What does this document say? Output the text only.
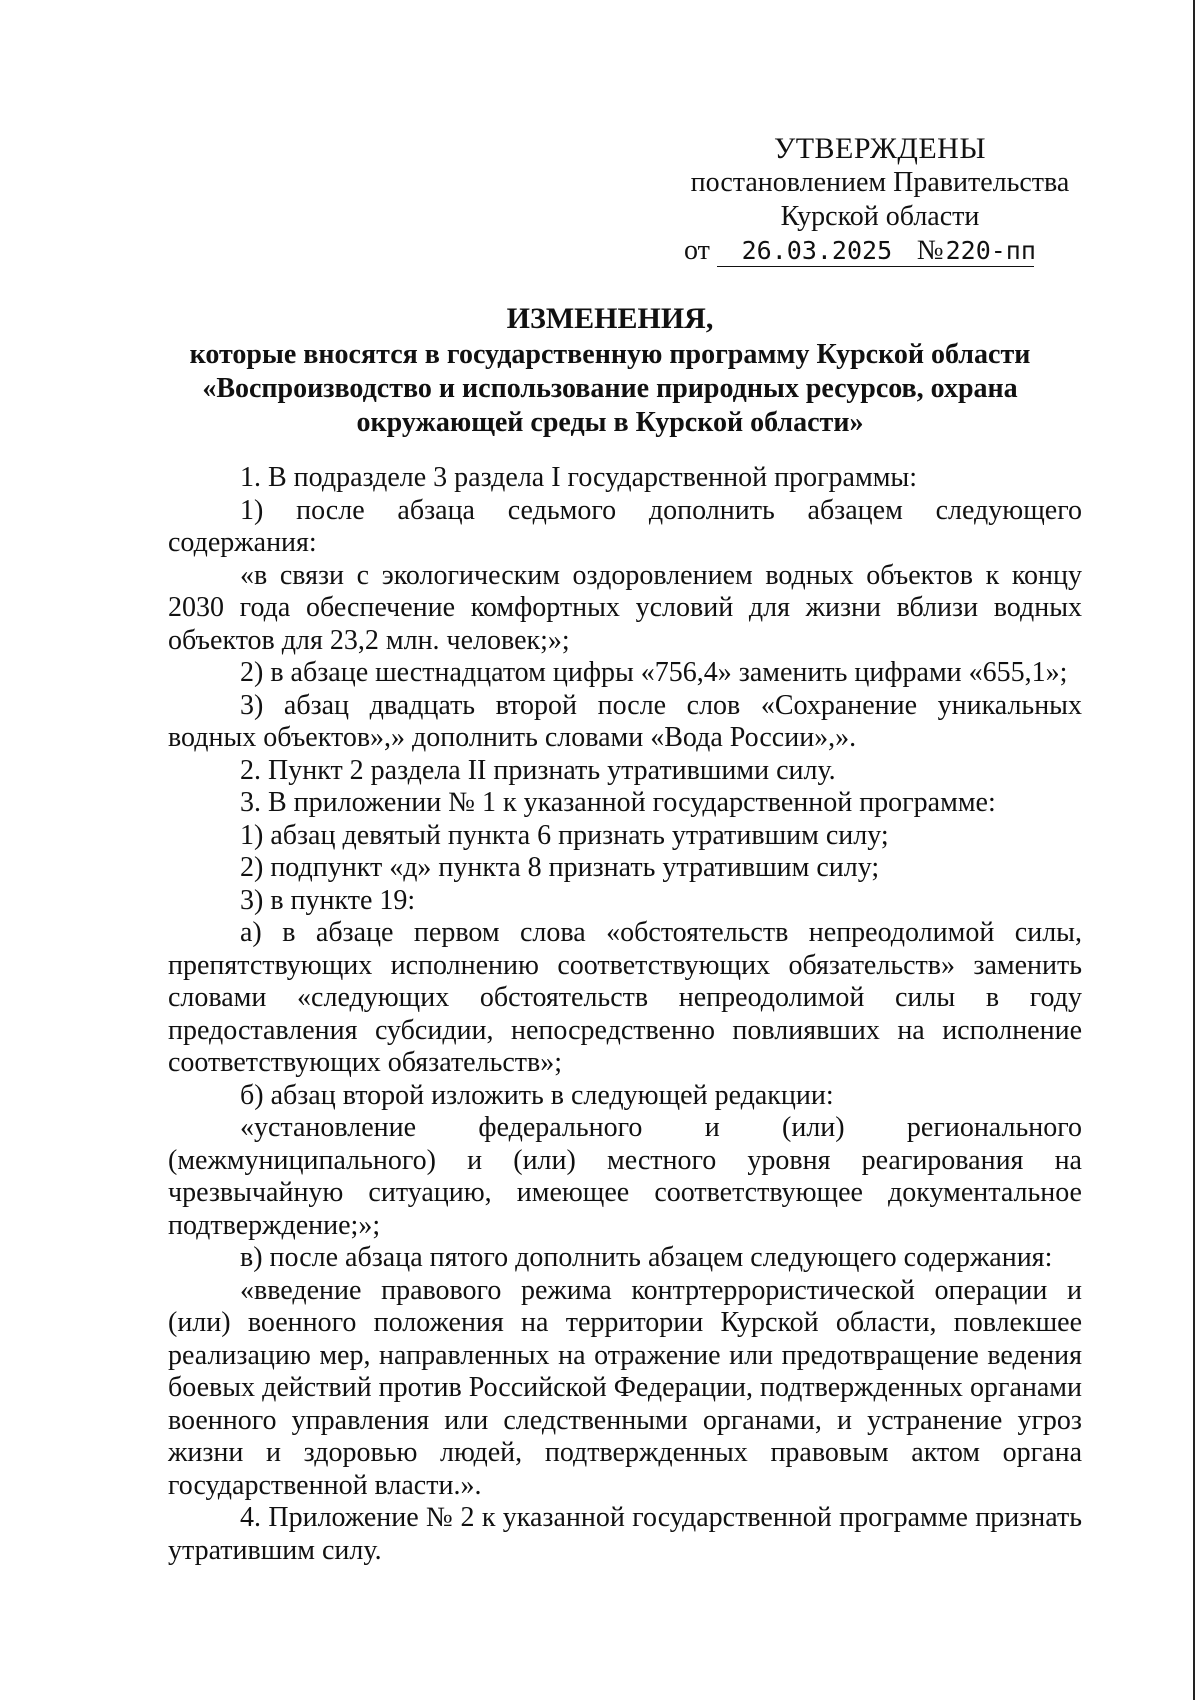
УТВЕРЖДЕНЫ
постановлением Правительства
Курской области
от 26.03.2025 №220-пп
ИЗМЕНЕНИЯ,
которые вносятся в государственную программу Курской области
«Воспроизводство и использование природных ресурсов, охрана
окружающей среды в Курской области»

1. В подразделе 3 раздела I государственной программы:

1) после абзаца седьмого дополнить абзацем следующего содержания:

«в связи с экологическим оздоровлением водных объектов к концу 2030 года обеспечение комфортных условий для жизни вблизи водных объектов для 23,2 млн. человек;»;

2) в абзаце шестнадцатом цифры «756,4» заменить цифрами «655,1»;

3) абзац двадцать второй после слов «Сохранение уникальных водных объектов»,» дополнить словами «Вода России»,».

2. Пункт 2 раздела II признать утратившими силу.

3. В приложении № 1 к указанной государственной программе:

1) абзац девятый пункта 6 признать утратившим силу;

2) подпункт «д» пункта 8 признать утратившим силу;

3) в пункте 19:

а) в абзаце первом слова «обстоятельств непреодолимой силы, препятствующих исполнению соответствующих обязательств» заменить словами «следующих обстоятельств непреодолимой силы в году предоставления субсидии, непосредственно повлиявших на исполнение соответствующих обязательств»;

б) абзац второй изложить в следующей редакции:

«установление федерального и (или) регионального (межмуниципального) и (или) местного уровня реагирования на чрезвычайную ситуацию, имеющее соответствующее документальное подтверждение;»;

в) после абзаца пятого дополнить абзацем следующего содержания:

«введение правового режима контртеррористической операции и (или) военного положения на территории Курской области, повлекшее реализацию мер, направленных на отражение или предотвращение ведения боевых действий против Российской Федерации, подтвержденных органами военного управления или следственными органами, и устранение угроз жизни и здоровью людей, подтвержденных правовым актом органа государственной власти.».

4. Приложение № 2 к указанной государственной программе признать утратившим силу.
